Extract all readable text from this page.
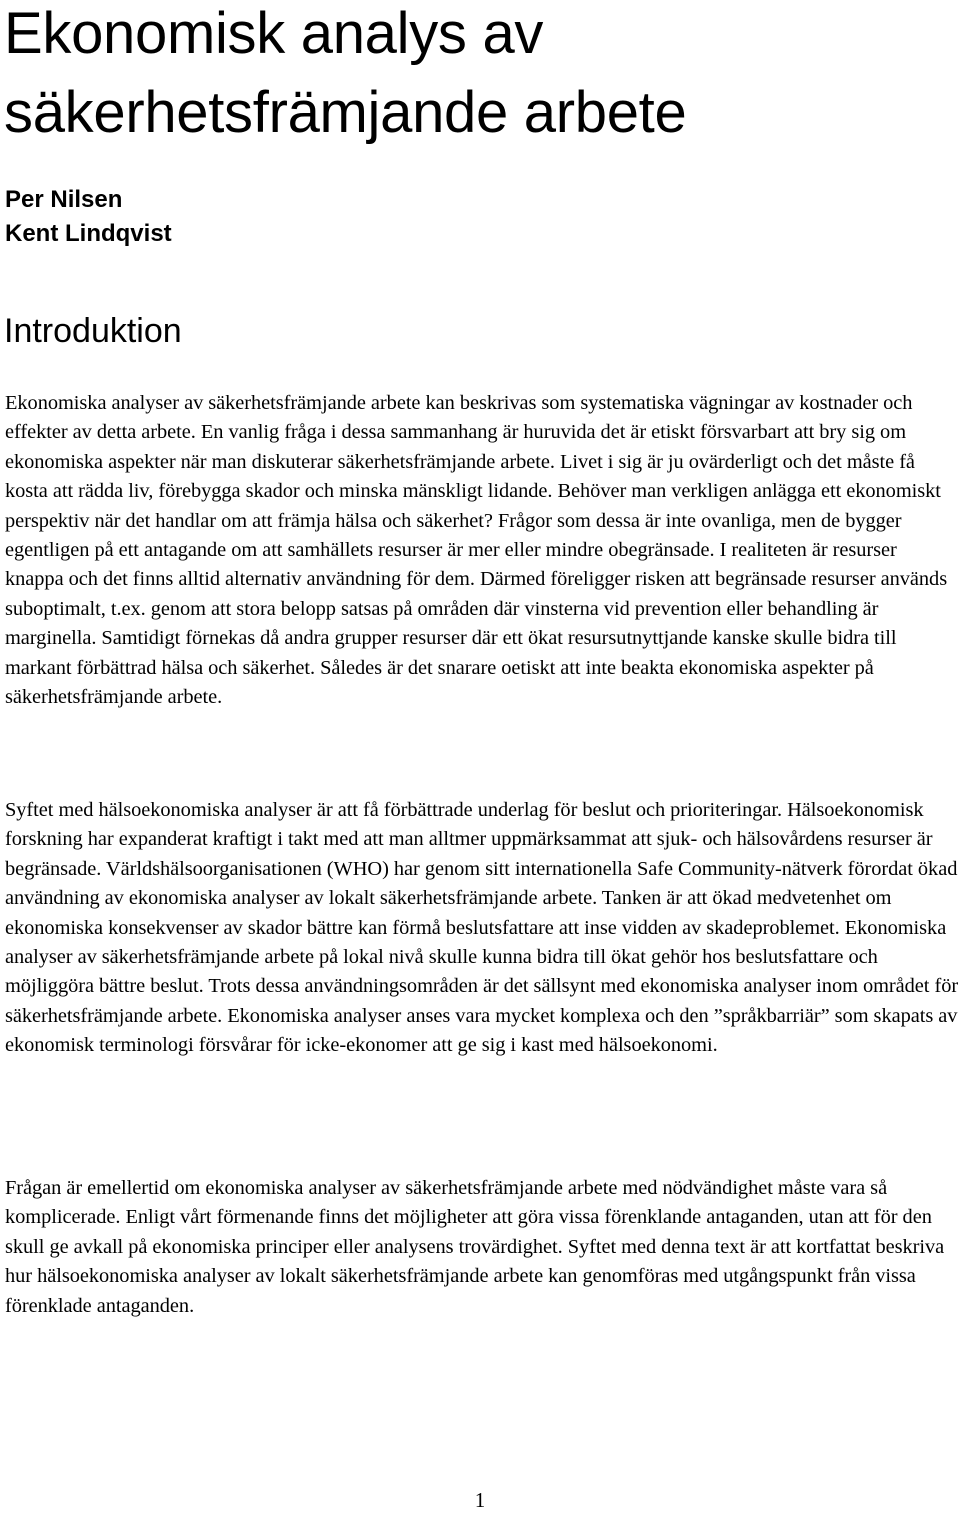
Ekonomisk analys av säkerhetsfrämjande arbete
Per Nilsen
Kent Lindqvist
Introduktion

Ekonomiska analyser av säkerhetsfrämjande arbete kan beskrivas som systematiska vägningar av kostnader och effekter av detta arbete. En vanlig fråga i dessa sammanhang är huruvida det är etiskt försvarbart att bry sig om ekonomiska aspekter när man diskuterar säkerhetsfrämjande arbete. Livet i sig är ju ovärderligt och det måste få kosta att rädda liv, förebygga skador och minska mänskligt lidande. Behöver man verkligen anlägga ett ekonomiskt perspektiv när det handlar om att främja hälsa och säkerhet? Frågor som dessa är inte ovanliga, men de bygger egentligen på ett antagande om att samhällets resurser är mer eller mindre obegränsade. I realiteten är resurser knappa och det finns alltid alternativ användning för dem. Därmed föreligger risken att begränsade resurser används suboptimalt, t.ex. genom att stora belopp satsas på områden där vinsterna vid prevention eller behandling är marginella. Samtidigt förnekas då andra grupper resurser där ett ökat resursutnyttjande kanske skulle bidra till markant förbättrad hälsa och säkerhet. Således är det snarare oetiskt att inte beakta ekonomiska aspekter på säkerhetsfrämjande arbete.

Syftet med hälsoekonomiska analyser är att få förbättrade underlag för beslut och prioriteringar. Hälsoekonomisk forskning har expanderat kraftigt i takt med att man alltmer uppmärksammat att sjuk- och hälsovårdens resurser är begränsade. Världshälsoorganisationen (WHO) har genom sitt internationella Safe Community-nätverk förordat ökad användning av ekonomiska analyser av lokalt säkerhetsfrämjande arbete. Tanken är att ökad medvetenhet om ekonomiska konsekvenser av skador bättre kan förmå beslutsfattare att inse vidden av skadeproblemet. Ekonomiska analyser av säkerhetsfrämjande arbete på lokal nivå skulle kunna bidra till ökat gehör hos beslutsfattare och möjliggöra bättre beslut. Trots dessa användningsområden är det sällsynt med ekonomiska analyser inom området för säkerhetsfrämjande arbete. Ekonomiska analyser anses vara mycket komplexa och den ”språkbarriär” som skapats av ekonomisk terminologi försvårar för icke-ekonomer att ge sig i kast med hälsoekonomi.

Frågan är emellertid om ekonomiska analyser av säkerhetsfrämjande arbete med nödvändighet måste vara så komplicerade. Enligt vårt förmenande finns det möjligheter att göra vissa förenklande antaganden, utan att för den skull ge avkall på ekonomiska principer eller analysens trovärdighet. Syftet med denna text är att kortfattat beskriva hur hälsoekonomiska analyser av lokalt säkerhetsfrämjande arbete kan genomföras med utgångspunkt från vissa förenklade antaganden.

1
